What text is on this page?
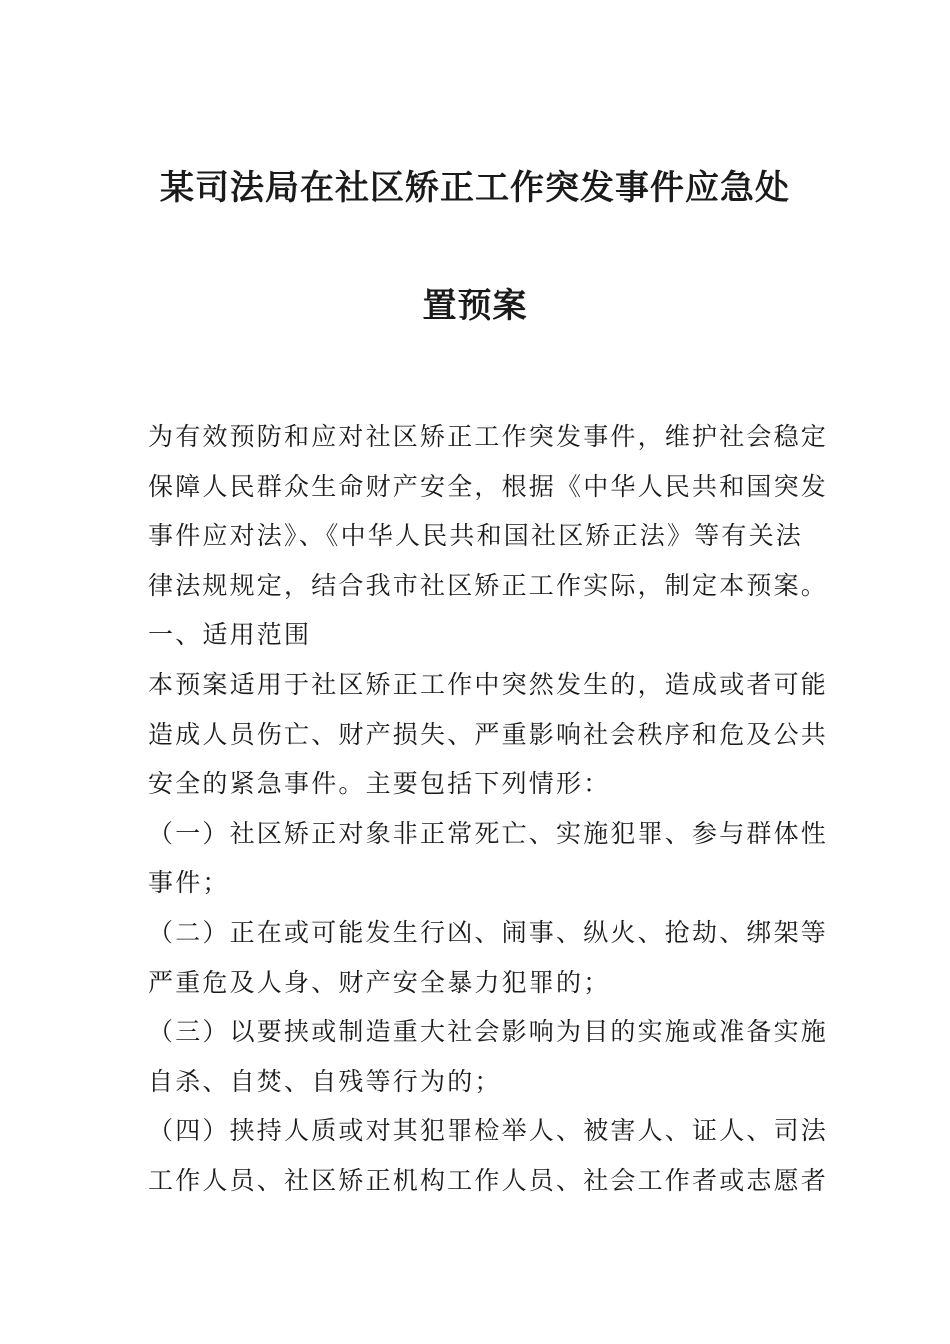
某司法局在社区矫正工作突发事件应急处
置预案

为有效预防和应对社区矫正工作突发事件，维护社会稳定

保障人民群众生命财产安全，根据《中华人民共和国突发

事件应对法》、《中华人民共和国社区矫正法》等有关法

律法规规定，结合我市社区矫正工作实际，制定本预案。

一、适用范围

本预案适用于社区矫正工作中突然发生的，造成或者可能

造成人员伤亡、财产损失、严重影响社会秩序和危及公共

安全的紧急事件。主要包括下列情形：

（一）社区矫正对象非正常死亡、实施犯罪、参与群体性

事件；

（二）正在或可能发生行凶、闹事、纵火、抢劫、绑架等

严重危及人身、财产安全暴力犯罪的；

（三）以要挟或制造重大社会影响为目的实施或准备实施

自杀、自焚、自残等行为的；

（四）挟持人质或对其犯罪检举人、被害人、证人、司法

工作人员、社区矫正机构工作人员、社会工作者或志愿者
